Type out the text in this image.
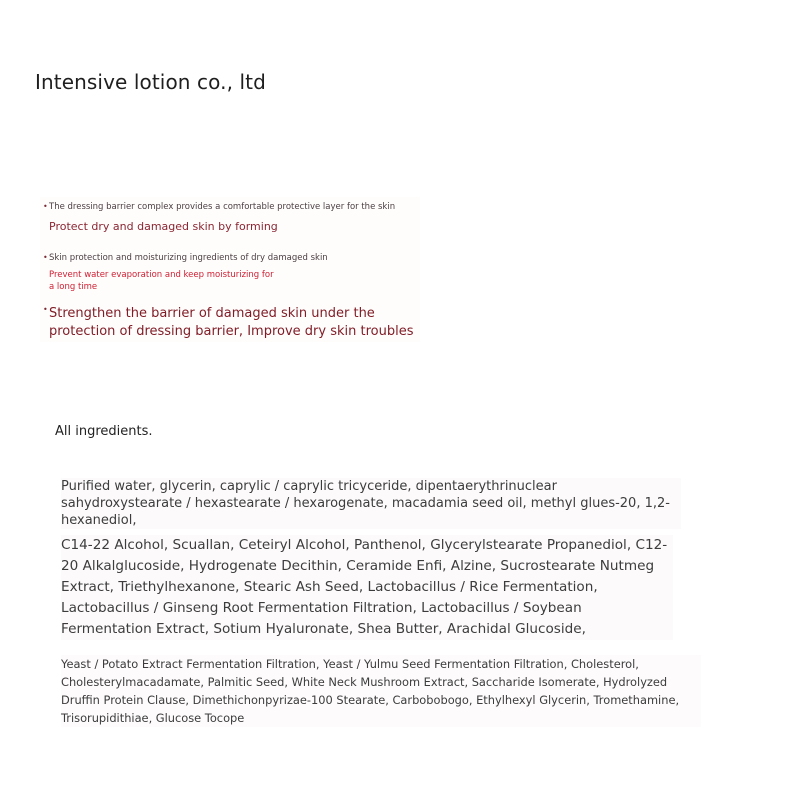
Intensive lotion co., ltd
• The dressing barrier complex provides a comfortable protective layer for the skin
Protect dry and damaged skin by forming
• Skin protection and moisturizing ingredients of dry damaged skin
Prevent water evaporation and keep moisturizing for a long time
• Strengthen the barrier of damaged skin under the protection of dressing barrier, Improve dry skin troubles
All ingredients.
Purified water, glycerin, caprylic / caprylic tricyceride, dipentaerythrinuclear sahydroxystearate / hexastearate / hexarogenate, macadamia seed oil, methyl glues-20, 1,2-hexanediol,
C14-22 Alcohol, Scuallan, Ceteiryl Alcohol, Panthenol, Glycerylstearate Propanediol, C12-20 Alkalglucoside, Hydrogenate Decithin, Ceramide Enfi, Alzine, Sucrostearate Nutmeg Extract, Triethylhexanone, Stearic Ash Seed, Lactobacillus / Rice Fermentation, Lactobacillus / Ginseng Root Fermentation Filtration, Lactobacillus / Soybean Fermentation Extract, Sotium Hyaluronate, Shea Butter, Arachidal Glucoside,
Yeast / Potato Extract Fermentation Filtration, Yeast / Yulmu Seed Fermentation Filtration, Cholesterol, Cholesterylmacadamate, Palmitic Seed, White Neck Mushroom Extract, Saccharide Isomerate, Hydrolyzed Druffin Protein Clause, Dimethichonpyrizae-100 Stearate, Carbobobogo, Ethylhexyl Glycerin, Tromethamine, Trisorupidithiae, Glucose Tocope
